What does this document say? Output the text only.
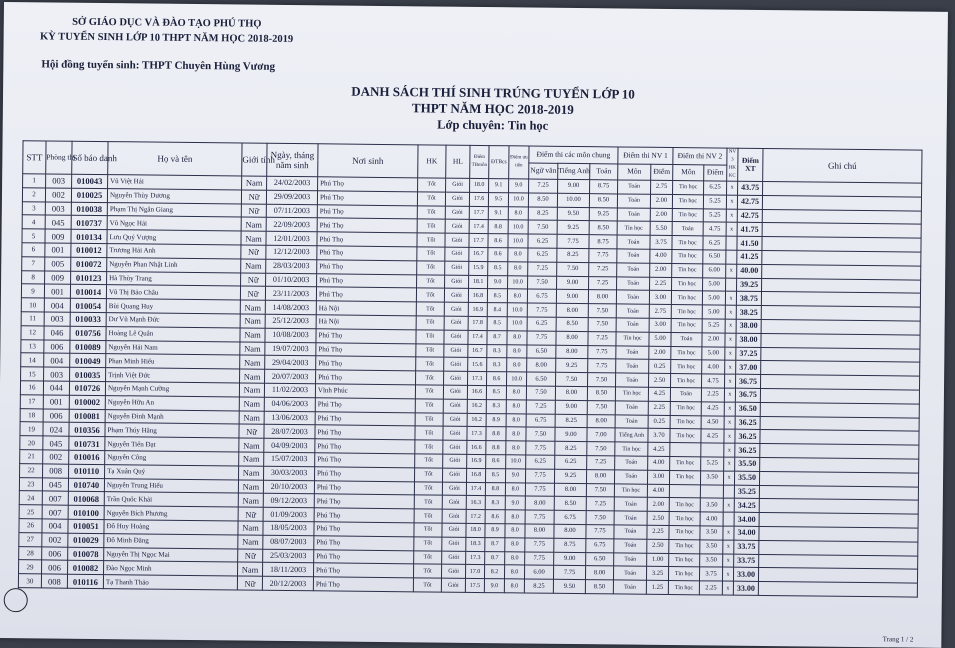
SỞ GIÁO DỤC VÀ ĐÀO TẠO PHÚ THỌ
KỲ TUYỂN SINH LỚP 10 THPT NĂM HỌC 2018-2019
Hội đồng tuyển sinh: THPT Chuyên Hùng Vương
DANH SÁCH THÍ SINH TRÚNG TUYỂN LỚP 10
THPT NĂM HỌC 2018-2019
Lớp chuyên: Tin học
STT	Phòng thi	Số báo danh	Họ và tên	Giới tính	Ngày, tháng năm sinh	Nơi sinh	HK	HL	Điểm TBmôn	ĐTBcs	Điểm ưu tiên	Điểm thi các môn chung			Điểm thi NV 1		Điểm thi NV 2		NV 3 HK KC	Điểm XT	Ghi chú
												Ngữ văn	Tiếng Anh	Toán	Môn	Điểm	Môn	Điểm			
1	003	010043	Vũ Việt Hải	Nam	24/02/2003	Phú Thọ	Tốt	Giỏi	18.0	9.1	9.0	7.25	9.00	8.75	Toán	2.75	Tin học	6.25	x	43.75	
2	002	010025	Nguyễn Thùy Dương	Nữ	29/09/2003	Phú Thọ	Tốt	Giỏi	17.6	9.5	10.0	8.50	10.00	8.50	Toán	2.00	Tin học	5.25	x	42.75	
3	003	010038	Phạm Thị Ngân Giang	Nữ	07/11/2003	Phú Thọ	Tốt	Giỏi	17.7	9.1	8.0	8.25	9.50	9.25	Toán	2.00	Tin học	5.25	x	42.75	
4	045	010737	Vũ Ngọc Hải	Nam	22/09/2003	Phú Thọ	Tốt	Giỏi	17.4	8.8	10.0	7.50	9.25	8.50	Tin học	5.50	Toán	4.75	x	41.75	
5	009	010134	Lưu Quý Vượng	Nam	12/01/2003	Phú Thọ	Tốt	Giỏi	17.7	8.6	10.0	6.25	7.75	8.75	Toán	3.75	Tin học	6.25		41.50	
6	001	010012	Trương Hải Anh	Nữ	12/12/2003	Phú Thọ	Tốt	Giỏi	16.7	8.6	8.0	6.25	8.25	7.75	Toán	4.00	Tin học	6.50		41.25	
7	005	010072	Nguyễn Phan Nhật Linh	Nam	28/03/2003	Phú Thọ	Tốt	Giỏi	15.9	8.5	8.0	7.25	7.50	7.25	Toán	2.00	Tin học	6.00	x	40.00	
8	009	010123	Hà Thùy Trang	Nữ	01/10/2003	Phú Thọ	Tốt	Giỏi	18.1	9.0	10.0	7.50	9.00	7.25	Toán	2.25	Tin học	5.00		39.25	
9	001	010014	Vũ Thị Bảo Châu	Nữ	23/11/2003	Phú Thọ	Tốt	Giỏi	16.8	8.5	8.0	6.75	9.00	8.00	Toán	3.00	Tin học	5.00	x	38.75	
10	004	010054	Bùi Quang Huy	Nam	14/08/2003	Hà Nội	Tốt	Giỏi	16.9	8.4	10.0	7.75	8.00	7.50	Toán	2.75	Tin học	5.00	x	38.25	
11	003	010033	Dư Vũ Mạnh Đức	Nam	25/12/2003	Hà Nội	Tốt	Giỏi	17.8	8.5	10.0	6.25	8.50	7.50	Toán	3.00	Tin học	5.25	x	38.00	
12	046	010756	Hoàng Lê Quân	Nam	10/08/2003	Phú Thọ	Tốt	Giỏi	17.4	8.7	8.0	7.75	8.00	7.25	Tin học	5.00	Toán	2.00	x	38.00	
13	006	010089	Nguyễn Hải Nam	Nam	19/07/2003	Phú Thọ	Tốt	Giỏi	16.7	8.3	8.0	6.50	8.00	7.75	Toán	2.00	Tin học	5.00	x	37.25	
14	004	010049	Phan Minh Hiếu	Nam	29/04/2003	Phú Thọ	Tốt	Giỏi	15.6	8.3	8.0	8.00	9.25	7.75	Toán	0.25	Tin học	4.00	x	37.00	
15	003	010035	Trịnh Việt Đức	Nam	20/07/2003	Phú Thọ	Tốt	Giỏi	17.3	8.6	10.0	6.50	7.50	7.50	Toán	2.50	Tin học	4.75	x	36.75	
16	044	010726	Nguyễn Mạnh Cường	Nam	11/02/2003	Vĩnh Phúc	Tốt	Giỏi	16.6	8.5	8.0	7.50	8.00	8.50	Tin học	4.25	Toán	2.25	x	36.75	
17	001	010002	Nguyễn Hữu An	Nam	04/06/2003	Phú Thọ	Tốt	Giỏi	16.2	8.3	8.0	7.25	9.00	7.50	Toán	2.25	Tin học	4.25	x	36.50	
18	006	010081	Nguyễn Đình Mạnh	Nam	13/06/2003	Phú Thọ	Tốt	Giỏi	16.2	8.9	8.0	6.75	8.25	8.00	Toán	0.25	Tin học	4.50	x	36.25	
19	024	010356	Phạm Thúy Hằng	Nữ	28/07/2003	Phú Thọ	Tốt	Giỏi	17.3	8.8	8.0	7.50	9.00	7.00	Tiếng Anh	3.70	Tin học	4.25	x	36.25	
20	045	010731	Nguyễn Tiến Đạt	Nam	04/09/2003	Phú Thọ	Tốt	Giỏi	16.6	8.8	8.0	7.75	8.25	7.50	Tin học	4.25			x	36.25	
21	002	010016	Nguyễn Công	Nam	15/07/2003	Phú Thọ	Tốt	Giỏi	16.9	8.6	10.0	6.25	6.25	7.25	Toán	4.00	Tin học	5.25	x	35.50	
22	008	010110	Tạ Xuân Quý	Nam	30/03/2003	Phú Thọ	Tốt	Giỏi	16.8	8.5	9.0	7.75	9.25	8.00	Toán	3.00	Tin học	3.50	x	35.50	
23	045	010740	Nguyễn Trung Hiếu	Nam	20/10/2003	Phú Thọ	Tốt	Giỏi	17.4	8.8	8.0	7.75	8.00	7.50	Tin học	4.00				35.25	
24	007	010068	Trần Quốc Khải	Nam	09/12/2003	Phú Thọ	Tốt	Giỏi	16.3	8.3	9.0	8.00	8.50	7.25	Toán	2.00	Tin học	3.50	x	34.25	
25	007	010100	Nguyễn Bích Phương	Nữ	01/09/2003	Phú Thọ	Tốt	Giỏi	17.2	8.6	8.0	7.75	6.75	7.50	Toán	2.50	Tin học	4.00		34.00	
26	004	010051	Đỗ Huy Hoàng	Nam	18/05/2003	Phú Thọ	Tốt	Giỏi	18.0	8.9	8.0	8.00	8.00	7.75	Toán	2.25	Tin học	3.50	x	34.00	
27	002	010029	Đỗ Minh Đăng	Nam	08/07/2003	Phú Thọ	Tốt	Giỏi	18.3	8.7	8.0	7.75	8.75	6.75	Toán	2.50	Tin học	3.50	x	33.75	
28	006	010078	Nguyễn Thị Ngọc Mai	Nữ	25/03/2003	Phú Thọ	Tốt	Giỏi	17.3	8.7	8.0	7.75	9.00	6.50	Toán	1.00	Tin học	3.50	x	33.75	
29	006	010082	Đào Ngọc Minh	Nam	18/11/2003	Phú Thọ	Tốt	Giỏi	17.0	8.2	8.0	6.00	7.75	8.00	Toán	3.25	Tin học	3.75	x	33.00	
30	008	010116	Tạ Thanh Thảo	Nữ	20/12/2003	Phú Thọ	Tốt	Giỏi	17.5	9.0	8.0	8.25	9.50	8.50	Toán	1.25	Tin học	2.25	x	33.00	
Trang 1 / 2
